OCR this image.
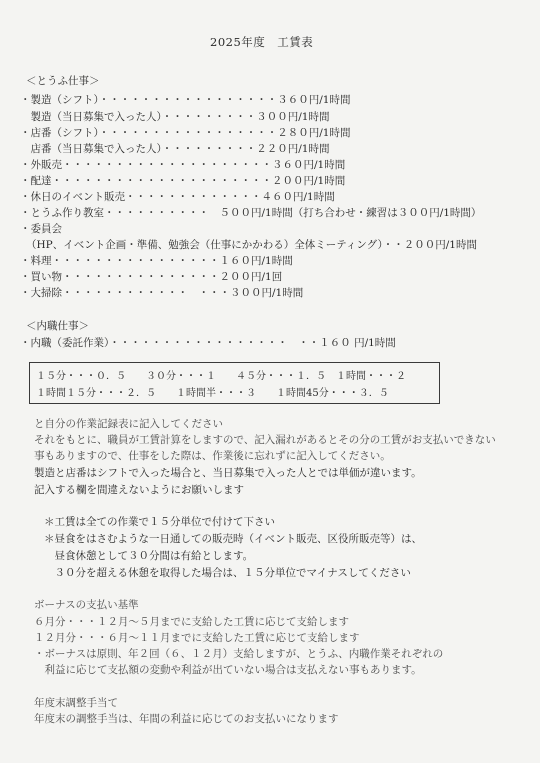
2025年度　工賃表
＜とうふ仕事＞
・製造（シフト）・・・・・・・・・・・・・・・・・３６０円/1時間
　製造（当日募集で入った人）・・・・・・・・・３００円/1時間
・店番（シフト）・・・・・・・・・・・・・・・・・２８０円/1時間
　店番（当日募集で入った人）・・・・・・・・・２２０円/1時間
・外販売・・・・・・・・・・・・・・・・・・・・３６０円/1時間
・配達・・・・・・・・・・・・・・・・・・・・・２００円/1時間
・休日のイベント販売・・・・・・・・・・・・・４６０円/1時間
・とうふ作り教室・・・・・・・・・・　５００円/1時間（打ち合わせ・練習は３００円/1時間）
・委員会
（HP、イベント企画・準備、勉強会（仕事にかかわる）全体ミーティング）・・２００円/1時間
・料理・・・・・・・・・・・・・・・・１６０円/1時間
・買い物・・・・・・・・・・・・・・・２００円/1回
・大掃除・・・・・・・・・・・・　・・・３００円/1時間
＜内職仕事＞
・内職（委託作業）・・・・・・・・・・・・・・・・・　・・１６０ 円/1時間
１５分・・・０．５　　３０分・・・１　　４５分・・・１．５　１時間・・・２
１時間１５分・・・２．５　　１時間半・・・３　　１時間45分・・・３．５
と自分の作業記録表に記入してください
それをもとに、職員が工賃計算をしますので、記入漏れがあるとその分の工賃がお支払いできない
事もありますので、仕事をした際は、作業後に忘れずに記入してください。
製造と店番はシフトで入った場合と、当日募集で入った人とでは単価が違います。
記入する欄を間違えないようにお願いします
＊工賃は全ての作業で１５分単位で付けて下さい
＊昼食をはさむような一日通しての販売時（イベント販売、区役所販売等）は、
　昼食休憩として３０分間は有給とします。
　３０分を超える休憩を取得した場合は、１５分単位でマイナスしてください
ボーナスの支払い基準
６月分・・・１２月～５月までに支給した工賃に応じて支給します
１２月分・・・６月～１１月までに支給した工賃に応じて支給します
・ボーナスは原則、年２回（６、１２月）支給しますが、とうふ、内職作業それぞれの
　利益に応じて支払額の変動や利益が出ていない場合は支払えない事もあります。
年度末調整手当て
年度末の調整手当は、年間の利益に応じてのお支払いになります
